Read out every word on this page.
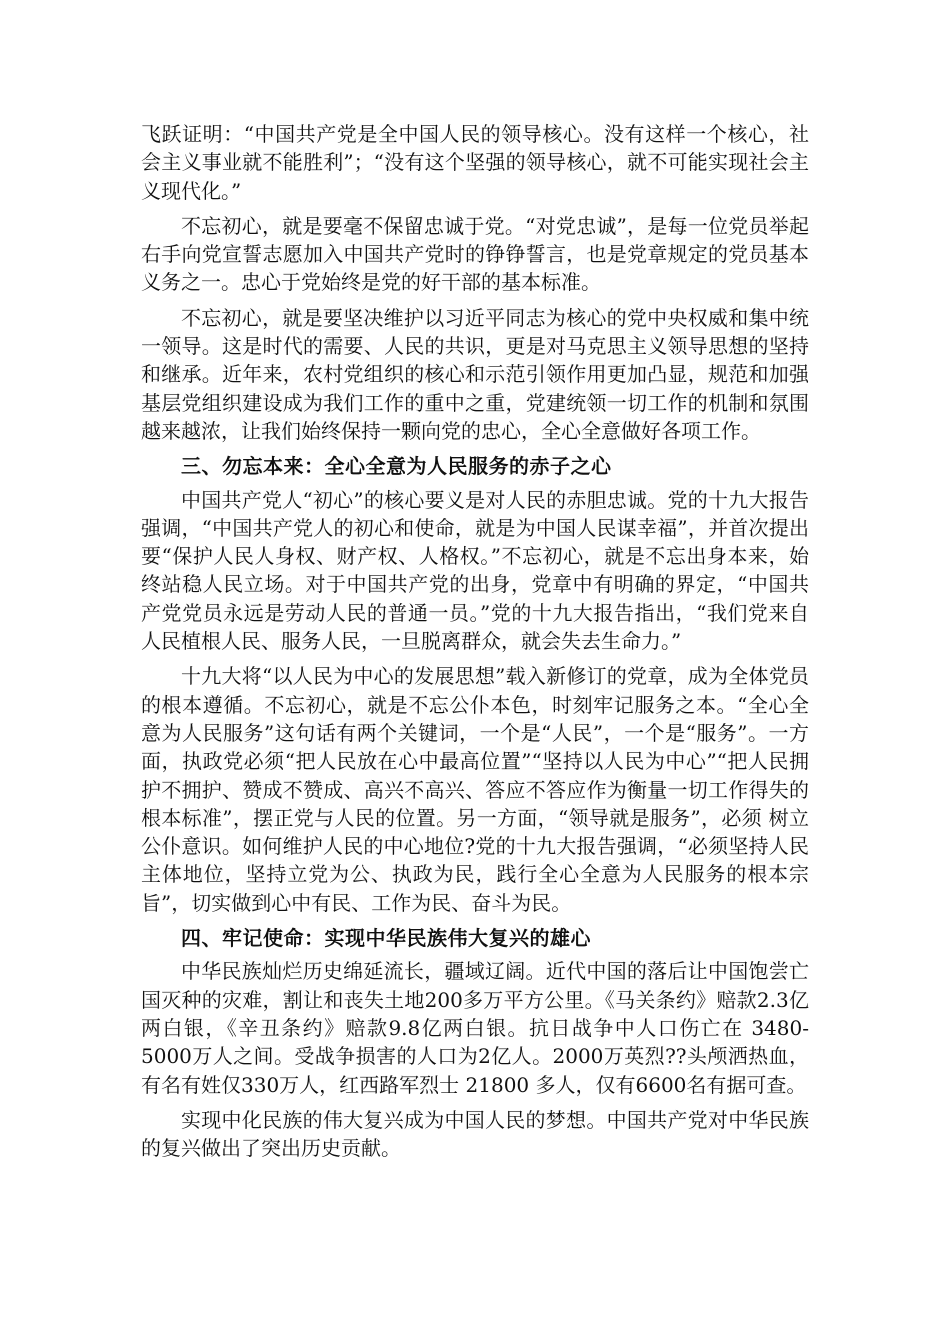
飞跃证明：“中国共产党是全中国人民的领导核心。没有这样一个核心，社会主义事业就不能胜利”；“没有这个坚强的领导核心，就不可能实现社会主义现代化。”

不忘初心，就是要毫不保留忠诚于党。“对党忠诚”，是每一位党员举起右手向党宣誓志愿加入中国共产党时的铮铮誓言，也是党章规定的党员基本义务之一。忠心于党始终是党的好干部的基本标准。

不忘初心，就是要坚决维护以习近平同志为核心的党中央权威和集中统一领导。这是时代的需要、人民的共识，更是对马克思主义领导思想的坚持和继承。近年来，农村党组织的核心和示范引领作用更加凸显，规范和加强基层党组织建设成为我们工作的重中之重，党建统领一切工作的机制和氛围越来越浓，让我们始终保持一颗向党的忠心，全心全意做好各项工作。

三、勿忘本来：全心全意为人民服务的赤子之心

中国共产党人“初心”的核心要义是对人民的赤胆忠诚。党的十九大报告强调，“中国共产党人的初心和使命，就是为中国人民谋幸福”，并首次提出要“保护人民人身权、财产权、人格权。”不忘初心，就是不忘出身本来，始终站稳人民立场。对于中国共产党的出身，党章中有明确的界定，“中国共产党党员永远是劳动人民的普通一员。”党的十九大报告指出，“我们党来自人民植根人民、服务人民，一旦脱离群众，就会失去生命力。”

十九大将“以人民为中心的发展思想”载入新修订的党章，成为全体党员的根本遵循。不忘初心，就是不忘公仆本色，时刻牢记服务之本。“全心全意为人民服务”这句话有两个关键词，一个是“人民”，一个是“服务”。一方面，执政党必须“把人民放在心中最高位置”“坚持以人民为中心”“把人民拥护不拥护、赞成不赞成、高兴不高兴、答应不答应作为衡量一切工作得失的根本标准”，摆正党与人民的位置。另一方面，“领导就是服务”，必须 树立公仆意识。如何维护人民的中心地位?党的十九大报告强调，“必须坚持人民主体地位，坚持立党为公、执政为民，践行全心全意为人民服务的根本宗旨”，切实做到心中有民、工作为民、奋斗为民。

四、牢记使命：实现中华民族伟大复兴的雄心

中华民族灿烂历史绵延流长，疆域辽阔。近代中国的落后让中国饱尝亡国灭种的灾难，割让和丧失土地200多万平方公里。《马关条约》赔款2.3亿两白银，《辛丑条约》赔款9.8亿两白银。抗日战争中人口伤亡在 3480-5000万人之间。受战争损害的人口为2亿人。2000万英烈??头颅洒热血，有名有姓仅330万人，红西路军烈士 21800 多人，仅有6600名有据可查。

实现中化民族的伟大复兴成为中国人民的梦想。中国共产党对中华民族的复兴做出了突出历史贡献。
